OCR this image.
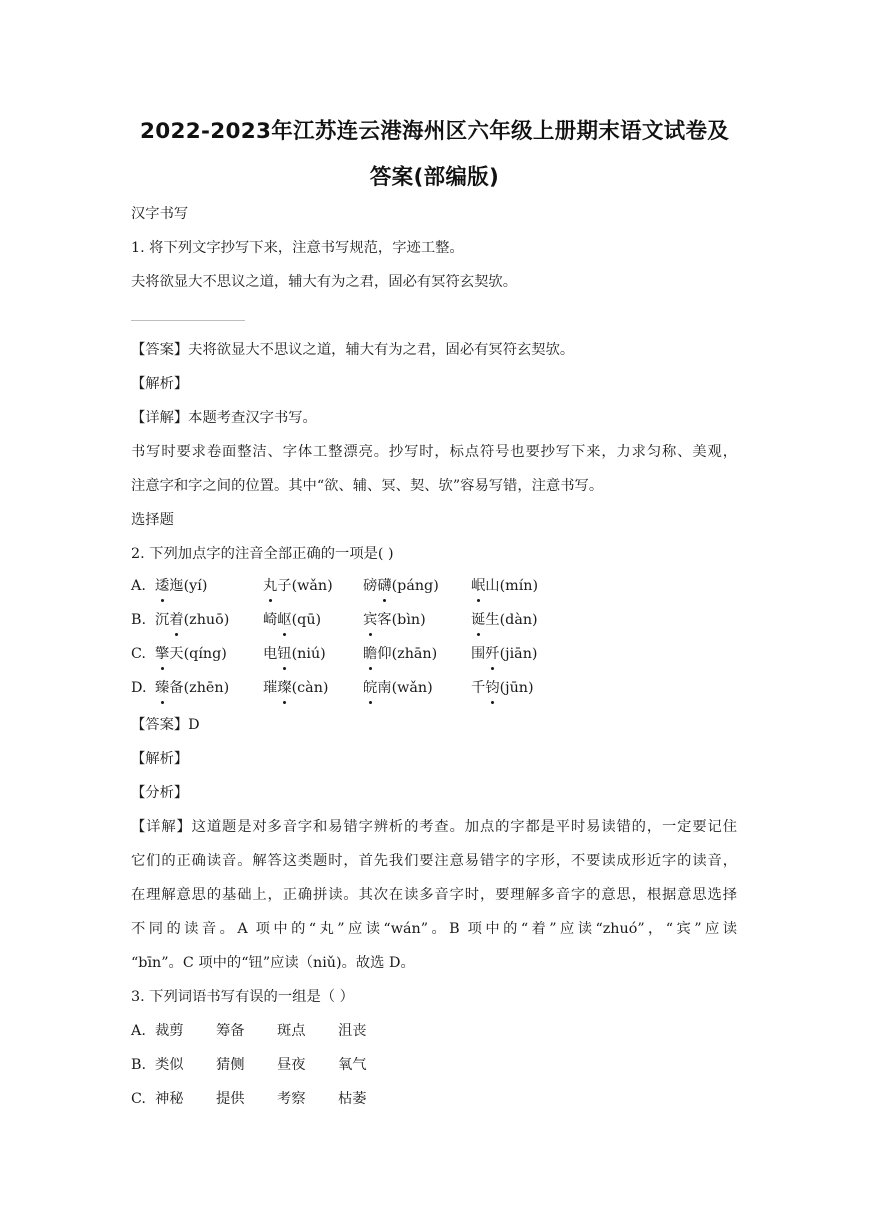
2022-2023年江苏连云港海州区六年级上册期末语文试卷及
答案(部编版)
汉字书写
1. 将下列文字抄写下来，注意书写规范，字迹工整。
夫将欲显大不思议之道，辅大有为之君，固必有冥符玄契欤。
【答案】夫将欲显大不思议之道，辅大有为之君，固必有冥符玄契欤。
【解析】
【详解】本题考查汉字书写。
书写时要求卷面整洁、字体工整漂亮。抄写时，标点符号也要抄写下来，力求匀称、美观，
注意字和字之间的位置。其中“欲、辅、冥、契、欤”容易写错，注意书写。
选择题
2. 下列加点字的注音全部正确的一项是( )
A. 逶迤(yí)	丸子(wǎn) 磅礴(páng) 岷山(mín)
B. 沉着(zhuō) 崎岖(qū)	宾客(bìn)	诞生(dàn)
C. 擎天(qíng)	电钮(niú)	瞻仰(zhān) 围歼(jiān)
D. 臻备(zhēn) 璀璨(càn) 皖南(wǎn)	千钧(jūn)
【答案】D
【解析】
【分析】
【详解】这道题是对多音字和易错字辨析的考查。加点的字都是平时易读错的，一定要记住
它们的正确读音。解答这类题时，首先我们要注意易错字的字形，不要读成形近字的读音，
在理解意思的基础上，正确拼读。其次在读多音字时，要理解多音字的意思，根据意思选择
不同的读音。A 项中的“丸”应读“wán”。B 项中的“着”应读“zhuó”，“宾”应读
“bīn”。C 项中的“钮”应读（niǔ)。故选 D。
3. 下列词语书写有误的一组是（ ）
A. 裁剪 筹备 斑点 沮丧
B. 类似 猜侧 昼夜 氧气
C. 神秘 提供 考察 枯萎
